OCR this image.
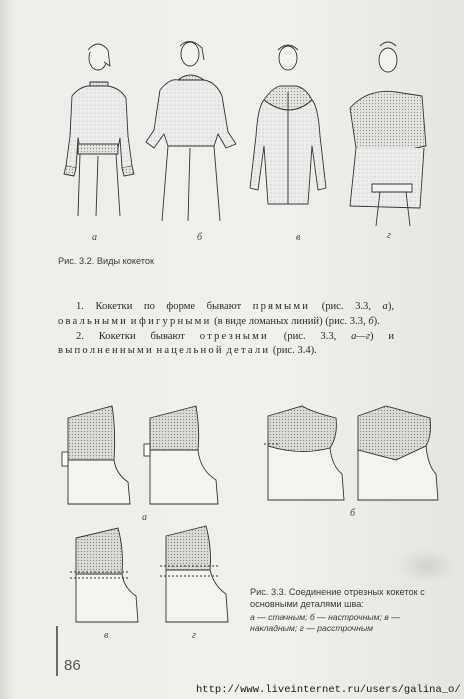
а	б	в	г
Рис. 3.2. Виды кокеток

1. Кокетки по форме бывают прямыми (рис. 3.3, а), овальными и фигурными (в виде ломаных линий) (рис. 3.3, б).

2. Кокетки бывают отрезными (рис. 3.3, а—г) и выполненными нацельной детали (рис. 3.4).

а	б
в	г
Рис. 3.3. Соединение отрезных кокеток с основными деталями шва:
а — стачным; б — настрочным; в — накладным; г — расстрочным
86
http://www.liveinternet.ru/users/galina_o/
